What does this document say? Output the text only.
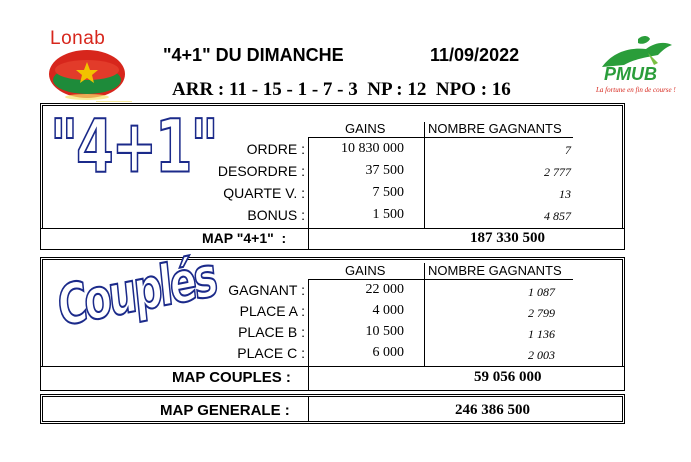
Lonab
"4+1" DU DIMANCHE	11/09/2022
ARR : 11 - 15 - 1 - 7 - 3  NP : 12  NPO : 16
PMUB
La fortune en fin de course !
"4+1"	GAINS	NOMBRE GAGNANTS
ORDRE :	10 830 000	7
DESORDRE :	37 500	2 777
QUARTE V. :	7 500	13
BONUS :	1 500	4 857
MAP "4+1"  :	187 330 500
Couplés	GAINS	NOMBRE GAGNANTS
GAGNANT :	22 000	1 087
PLACE A :	4 000	2 799
PLACE B :	10 500	1 136
PLACE C :	6 000	2 003
MAP COUPLES :	59 056 000
MAP GENERALE :	246 386 500
